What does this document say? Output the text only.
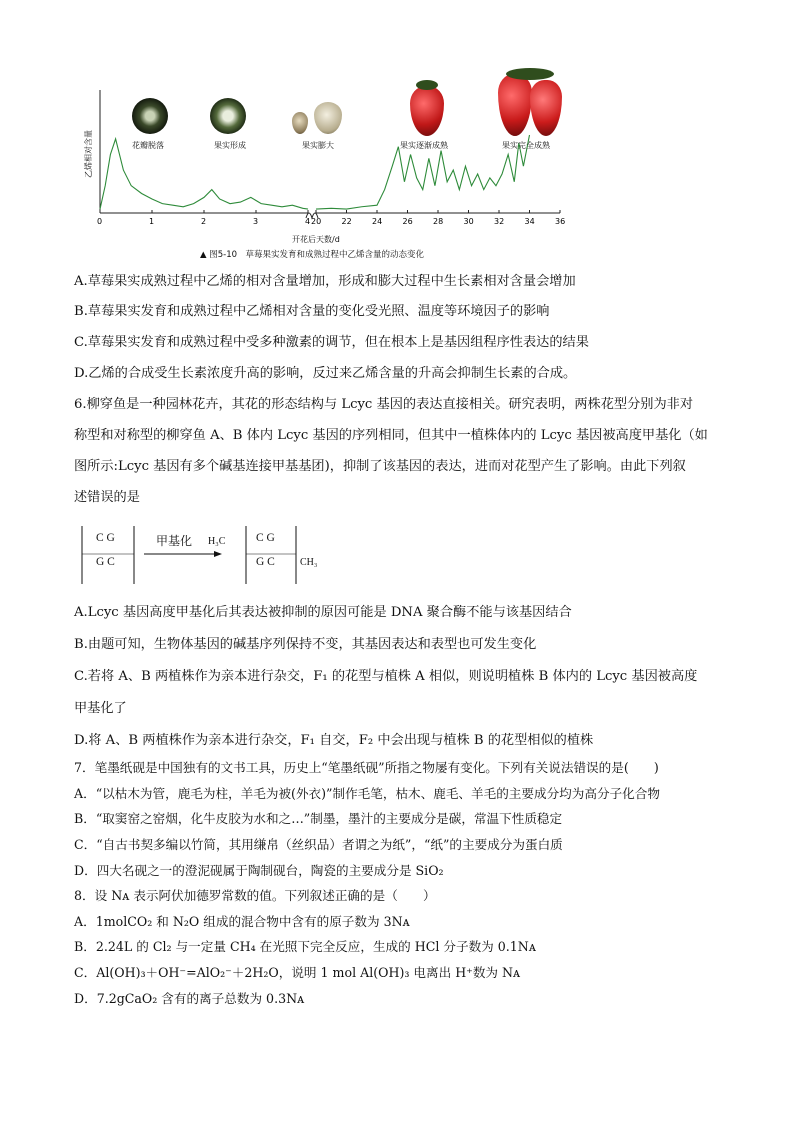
乙烯相对含量
0	1	2	3	4 20	22	24	26	28	30	32	34	36
开花后天数/d
花瓣脱落	果实形成	果实膨大	果实逐渐成熟	果实完全成熟
▲ 图5-10　草莓果实发育和成熟过程中乙烯含量的动态变化
A.草莓果实成熟过程中乙烯的相对含量增加，形成和膨大过程中生长素相对含量会增加
B.草莓果实发育和成熟过程中乙烯相对含量的变化受光照、温度等环境因子的影响
C.草莓果实发育和成熟过程中受多种激素的调节，但在根本上是基因组程序性表达的结果
D.乙烯的合成受生长素浓度升高的影响，反过来乙烯含量的升高会抑制生长素的合成。
6.柳穿鱼是一种园林花卉，其花的形态结构与 Lcyc 基因的表达直接相关。研究表明，两株花型分别为非对
称型和对称型的柳穿鱼 A、B 体内 Lcyc 基因的序列相同，但其中一植株体内的 Lcyc 基因被高度甲基化（如
图所示:Lcyc 基因有多个碱基连接甲基基团)，抑制了该基因的表达，进而对花型产生了影响。由此下列叙
述错误的是
C G
G C
甲基化 H₃C	C G
G C	CH₃
A.Lcyc 基因高度甲基化后其表达被抑制的原因可能是 DNA 聚合酶不能与该基因结合
B.由题可知，生物体基因的碱基序列保持不变，其基因表达和表型也可发生变化
C.若将 A、B 两植株作为亲本进行杂交，F₁ 的花型与植株 A 相似，则说明植株 B 体内的 Lcyc 基因被高度
甲基化了
D.将 A、B 两植株作为亲本进行杂交，F₁ 自交，F₂ 中会出现与植株 B 的花型相似的植株
7．笔墨纸砚是中国独有的文书工具，历史上“笔墨纸砚”所指之物屡有变化。下列有关说法错误的是(　　)
A．“以枯木为管，鹿毛为柱，羊毛为被(外衣)”制作毛笔，枯木、鹿毛、羊毛的主要成分均为高分子化合物
B．“取窦窑之窑烟，化牛皮胶为水和之…”制墨，墨汁的主要成分是碳，常温下性质稳定
C．“自古书契多编以竹简，其用缣帛（丝织品）者谓之为纸”，“纸”的主要成分为蛋白质
D．四大名砚之一的澄泥砚属于陶制砚台，陶瓷的主要成分是 SiO₂
8．设 Nᴀ 表示阿伏加德罗常数的值。下列叙述正确的是（　　）
A．1molCO₂ 和 N₂O 组成的混合物中含有的原子数为 3Nᴀ
B．2.24L 的 Cl₂ 与一定量 CH₄ 在光照下完全反应，生成的 HCl 分子数为 0.1Nᴀ
C．Al(OH)₃＋OH⁻=AlO₂⁻＋2H₂O，说明 1 mol Al(OH)₃ 电离出 H⁺数为 Nᴀ
D．7.2gCaO₂ 含有的离子总数为 0.3Nᴀ
